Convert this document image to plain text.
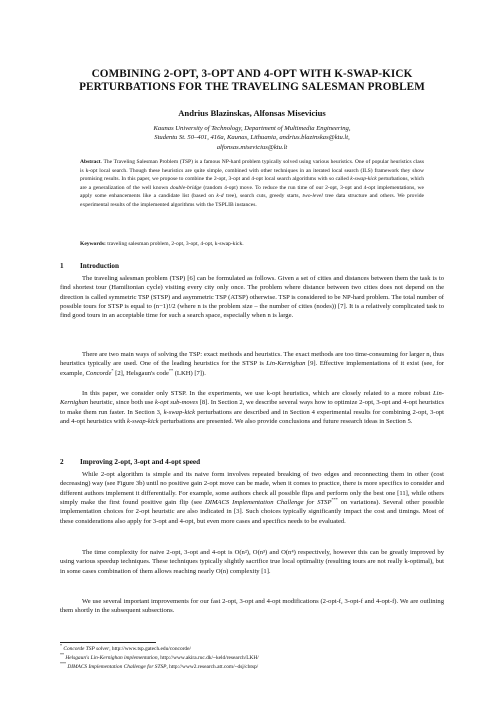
COMBINING 2-OPT, 3-OPT AND 4-OPT WITH K-SWAP-KICK
PERTURBATIONS FOR THE TRAVELING SALESMAN PROBLEM
Andrius Blazinskas, Alfonsas Misevicius
Kaunas University of Technology, Department of Multimedia Engineering,
Studentu St. 50–401, 416a, Kaunas, Lithuania, andrius.blazinskas@ktu.lt,
alfonsas.misevicius@ktu.lt
Abstract. The Traveling Salesman Problem (TSP) is a famous NP-hard problem typically solved using various heuristics. One of popular heuristics class is k-opt local search. Though these heuristics are quite simple, combined with other techniques in an iterated local search (ILS) framework they show promising results. In this paper, we propose to combine the 2-opt, 3-opt and 4-opt local search algorithms with so called k-swap-kick perturbations, which are a generalization of the well known double-bridge (random 4-opt) move. To reduce the run time of our 2-opt, 3-opt and 4-opt implementations, we apply some enhancements like a candidate list (based on k-d tree), search cuts, greedy starts, two-level tree data structure and others. We provide experimental results of the implemented algorithms with the TSPLIB instances.
Keywords: traveling salesman problem, 2-opt, 3-opt, 4-opt, k-swap-kick.

1 Introduction

The traveling salesman problem (TSP) [6] can be formulated as follows. Given a set of cities and distances between them the task is to find shortest tour (Hamiltonian cycle) visiting every city only once. The problem where distance between two cities does not depend on the direction is called symmetric TSP (STSP) and asymmetric TSP (ATSP) otherwise. TSP is considered to be NP-hard problem. The total number of possible tours for STSP is equal to (n−1)!/2 (where n is the problem size – the number of cities (nodes)) [7]. It is a relatively complicated task to find good tours in an acceptable time for such a search space, especially when n is large.

There are two main ways of solving the TSP: exact methods and heuristics. The exact methods are too time-consuming for larger n, thus heuristics typically are used. One of the leading heuristics for the STSP is Lin-Kernighan [9]. Effective implementations of it exist (see, for example, Concorde* [2], Helsgaun's code** (LKH) [7]).

In this paper, we consider only STSP. In the experiments, we use k-opt heuristics, which are closely related to a more robust Lin-Kernighan heuristic, since both use k-opt sub-moves [8]. In Section 2, we describe several ways how to optimize 2-opt, 3-opt and 4-opt heuristics to make them run faster. In Section 3, k-swap-kick perturbations are described and in Section 4 experimental results for combining 2-opt, 3-opt and 4-opt heuristics with k-swap-kick perturbations are presented. We also provide conclusions and future research ideas in Section 5.

2 Improving 2-opt, 3-opt and 4-opt speed

While 2-opt algorithm is simple and its naive form involves repeated breaking of two edges and reconnecting them in other (cost decreasing) way (see Figure 3b) until no positive gain 2-opt move can be made, when it comes to practice, there is more specifics to consider and different authors implement it differentially. For example, some authors check all possible flips and perform only the best one [11], while others simply make the first found positive gain flip (see DIMACS Implementation Challenge for STSP*** on variations). Several other possible implementation choices for 2-opt heuristic are also indicated in [3]. Such choices typically significantly impact the cost and timings. Most of these considerations also apply for 3-opt and 4-opt, but even more cases and specifics needs to be evaluated.

The time complexity for naive 2-opt, 3-opt and 4-opt is O(n²), O(n³) and O(n⁴) respectively, however this can be greatly improved by using various speedup techniques. These techniques typically slightly sacrifice true local optimality (resulting tours are not really k-optimal), but in some cases combination of them allows reaching nearly O(n) complexity [1].

We use several important improvements for our fast 2-opt, 3-opt and 4-opt modifications (2-opt-f, 3-opt-f and 4-opt-f). We are outlining them shortly in the subsequent subsections.

* Concorde TSP solver, http://www.tsp.gatech.edu/concorde/
** Helsgaun's Lin-Kernighan implementation, http://www.akira.ruc.dk/~keld/research/LKH/
*** DIMACS Implementation Challenge for STSP, http://www2.research.att.com/~dsj/chtsp/
